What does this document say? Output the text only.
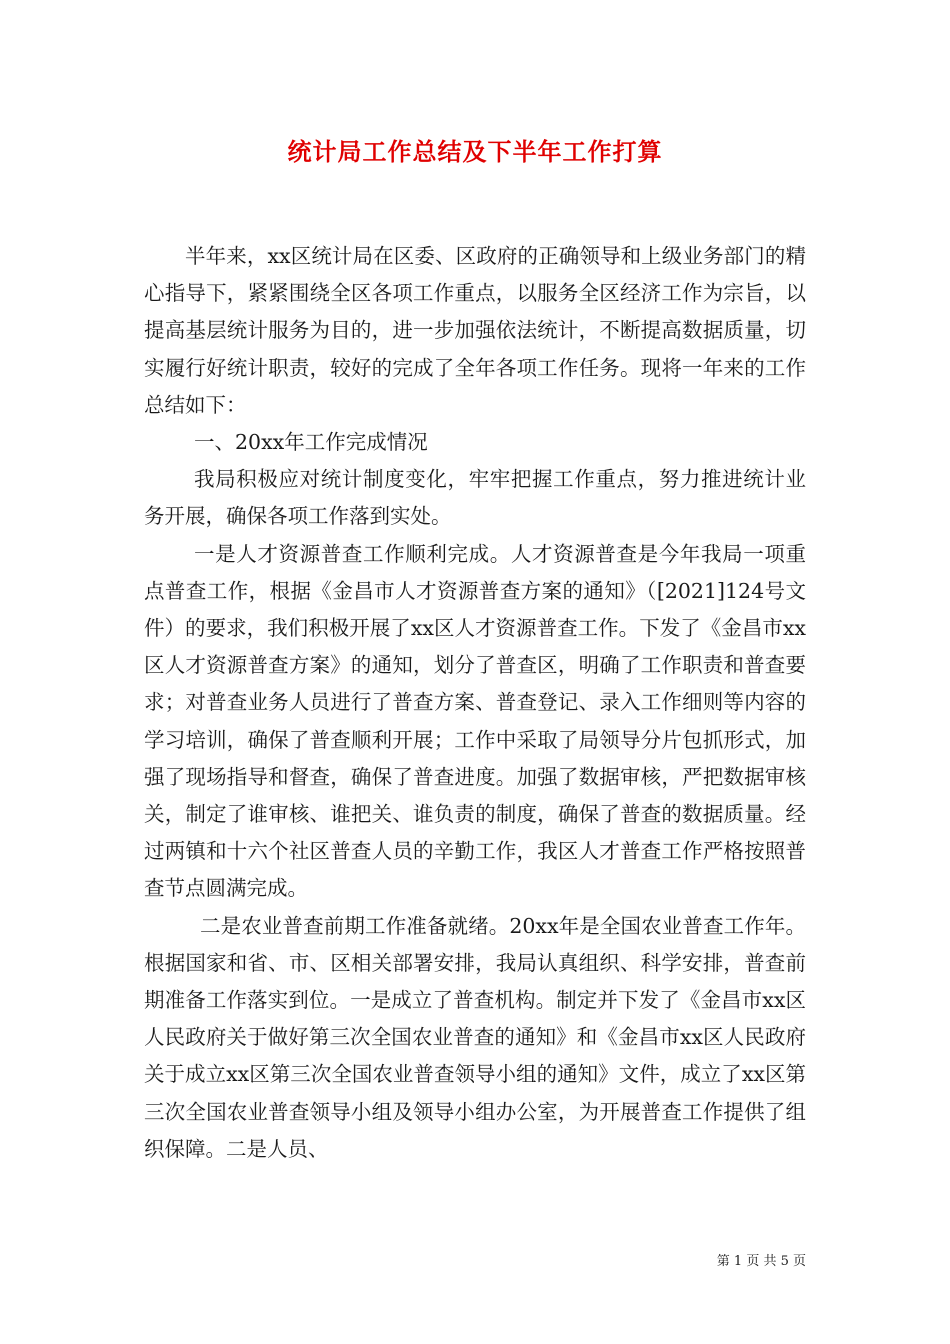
统计局工作总结及下半年工作打算

半年来，xx区统计局在区委、区政府的正确领导和上级业务部门的精心指导下，紧紧围绕全区各项工作重点，以服务全区经济工作为宗旨，以提高基层统计服务为目的，进一步加强依法统计，不断提高数据质量，切实履行好统计职责，较好的完成了全年各项工作任务。现将一年来的工作总结如下：

一、20xx年工作完成情况

我局积极应对统计制度变化，牢牢把握工作重点，努力推进统计业务开展，确保各项工作落到实处。

一是人才资源普查工作顺利完成。人才资源普查是今年我局一项重点普查工作，根据《金昌市人才资源普查方案的通知》（[2021]124号文件）的要求，我们积极开展了xx区人才资源普查工作。下发了《金昌市xx区人才资源普查方案》的通知，划分了普查区，明确了工作职责和普查要求；对普查业务人员进行了普查方案、普查登记、录入工作细则等内容的学习培训，确保了普查顺利开展；工作中采取了局领导分片包抓形式，加强了现场指导和督查，确保了普查进度。加强了数据审核，严把数据审核关，制定了谁审核、谁把关、谁负责的制度，确保了普查的数据质量。经过两镇和十六个社区普查人员的辛勤工作，我区人才普查工作严格按照普查节点圆满完成。

二是农业普查前期工作准备就绪。20xx年是全国农业普查工作年。根据国家和省、市、区相关部署安排，我局认真组织、科学安排，普查前期准备工作落实到位。一是成立了普查机构。制定并下发了《金昌市xx区人民政府关于做好第三次全国农业普查的通知》和《金昌市xx区人民政府关于成立xx区第三次全国农业普查领导小组的通知》文件，成立了xx区第三次全国农业普查领导小组及领导小组办公室，为开展普查工作提供了组织保障。二是人员、

第 1 页 共 5 页
